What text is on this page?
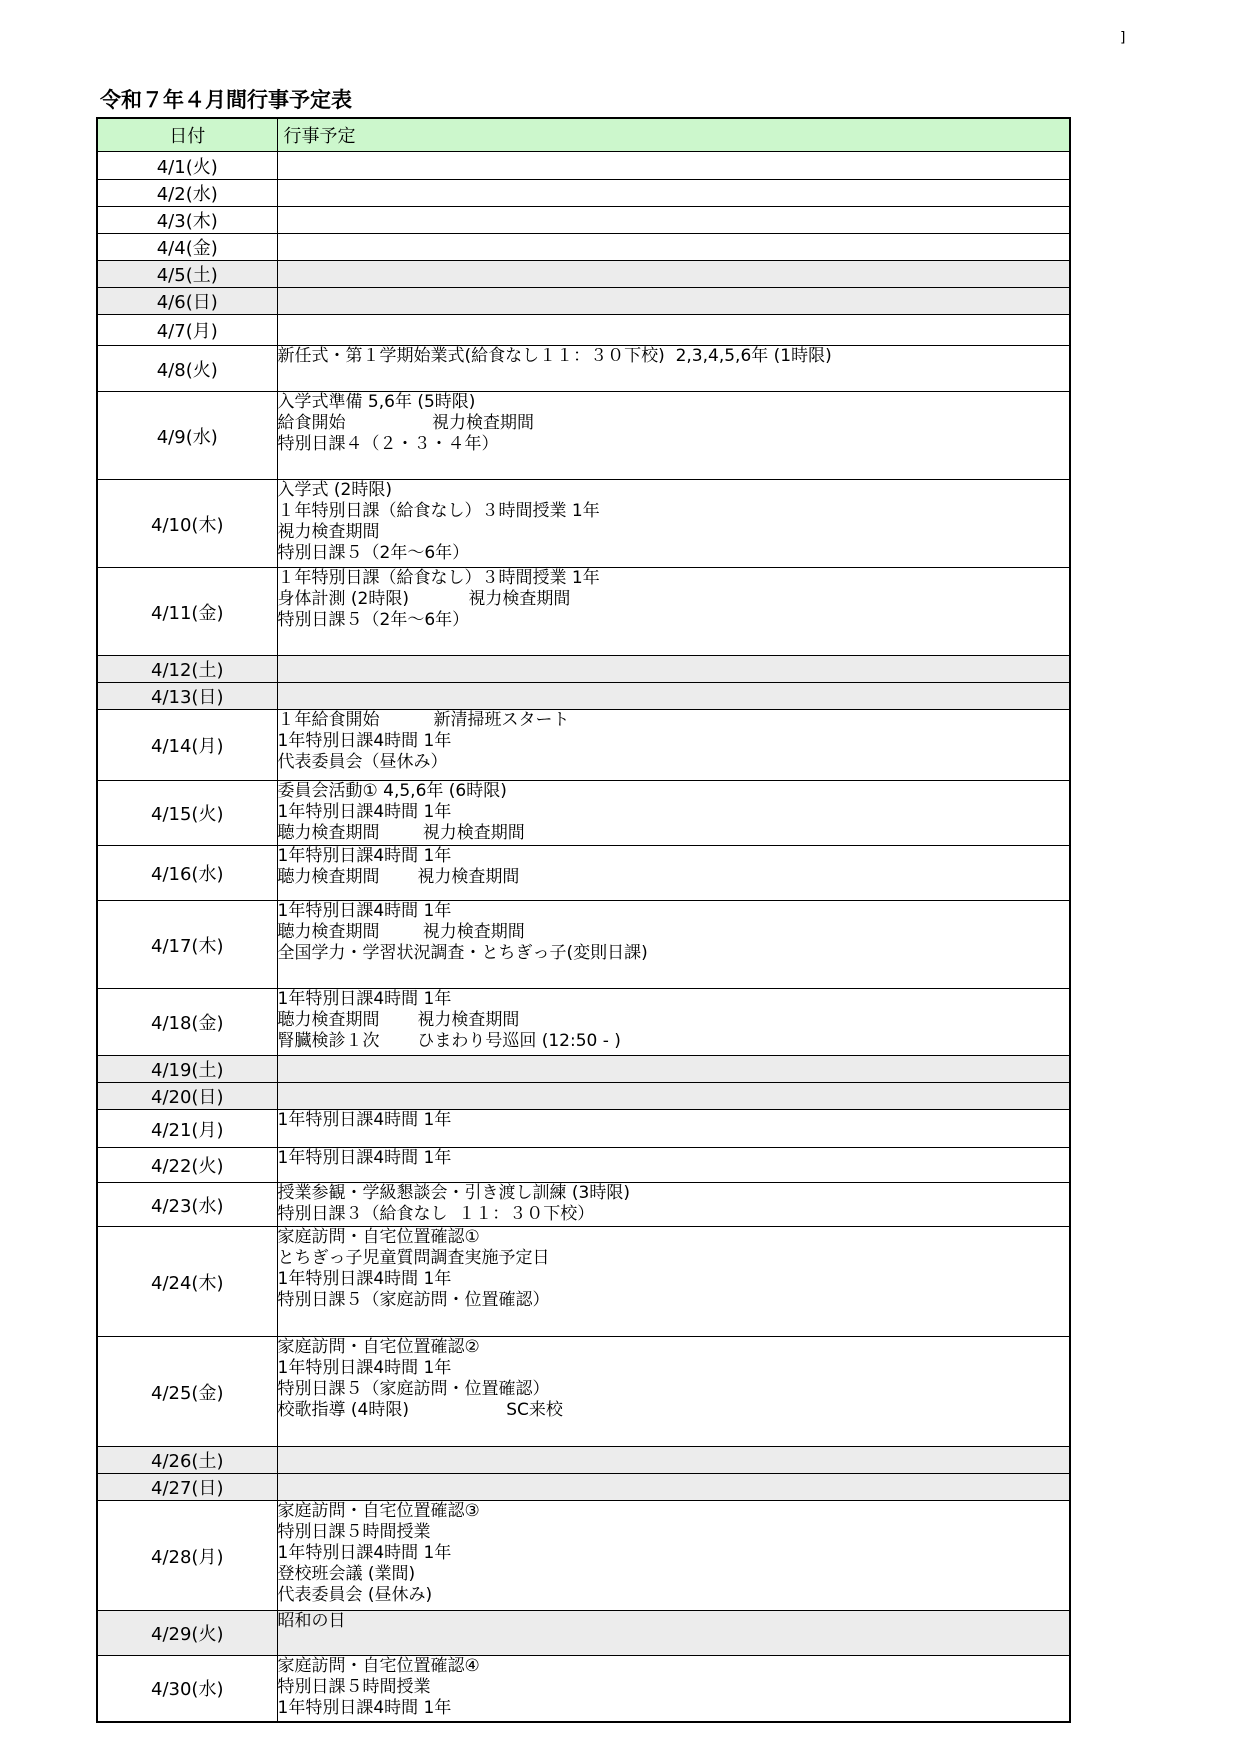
]
令和７年４月間行事予定表
日付	行事予定
4/1(火)	
4/2(水)	
4/3(木)	
4/4(金)	
4/5(土)	
4/6(日)	
4/7(月)	
4/8(火)	新任式・第１学期始業式(給食なし１１：３０下校)  2,3,4,5,6年 (1時限)

4/9(水)	入学式準備 5,6年 (5時限)
給食開始                視力検査期間
特別日課４（２・３・４年）

4/10(木)	入学式 (2時限)
１年特別日課（給食なし）３時間授業 1年
視力検査期間
特別日課５（2年〜6年）

4/11(金)	１年特別日課（給食なし）３時間授業 1年
身体計測 (2時限)           視力検査期間
特別日課５（2年〜6年）

4/12(土)	
4/13(日)	
4/14(月)	１年給食開始          新清掃班スタート
1年特別日課4時間 1年
代表委員会（昼休み）

4/15(火)	委員会活動① 4,5,6年 (6時限)
1年特別日課4時間 1年
聴力検査期間        視力検査期間

4/16(水)	1年特別日課4時間 1年
聴力検査期間       視力検査期間

4/17(木)	1年特別日課4時間 1年
聴力検査期間        視力検査期間
全国学力・学習状況調査・とちぎっ子(変則日課)

4/18(金)	1年特別日課4時間 1年
聴力検査期間       視力検査期間
腎臓検診１次       ひまわり号巡回 (12:50 - )

4/19(土)	
4/20(日)	
4/21(月)	1年特別日課4時間 1年

4/22(火)	1年特別日課4時間 1年

4/23(水)	授業参観・学級懇談会・引き渡し訓練 (3時限)
特別日課３（給食なし  １１：３０下校）

4/24(木)	家庭訪問・自宅位置確認①
とちぎっ子児童質問調査実施予定日
1年特別日課4時間 1年
特別日課５（家庭訪問・位置確認）

4/25(金)	家庭訪問・自宅位置確認②
1年特別日課4時間 1年
特別日課５（家庭訪問・位置確認）
校歌指導 (4時限)                  SC来校

4/26(土)	
4/27(日)	
4/28(月)	家庭訪問・自宅位置確認③
特別日課５時間授業
1年特別日課4時間 1年
登校班会議 (業間)
代表委員会 (昼休み)

4/29(火)	昭和の日

4/30(水)	家庭訪問・自宅位置確認④
特別日課５時間授業
1年特別日課4時間 1年
